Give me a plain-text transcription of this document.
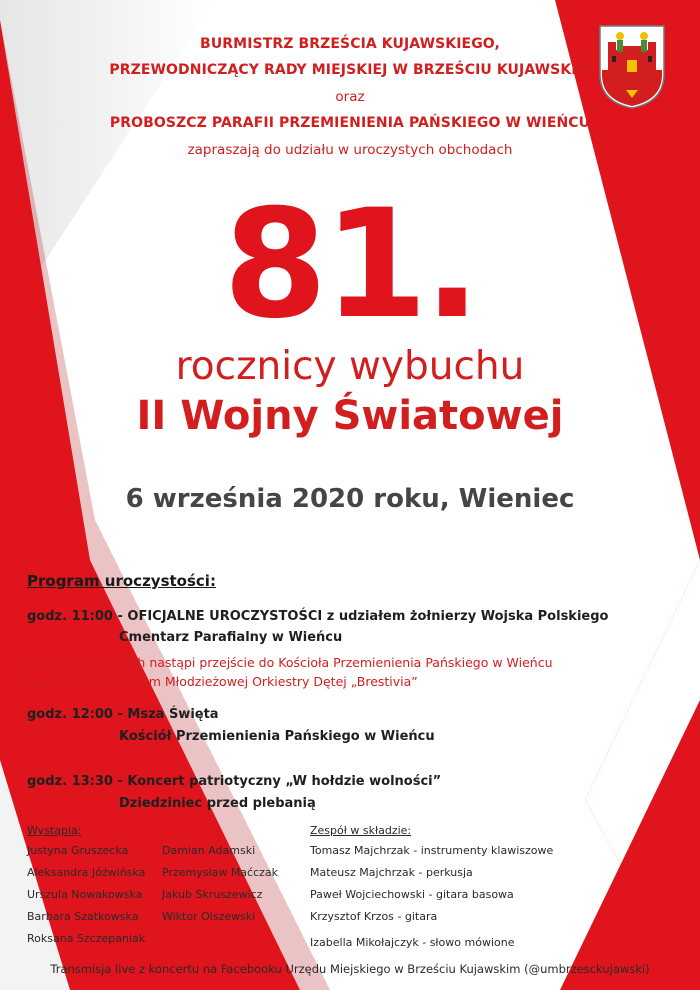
BURMISTRZ BRZEŚCIA KUJAWSKIEGO,
PRZEWODNICZĄCY RADY MIEJSKIEJ W BRZEŚCIU KUJAWSKIM
oraz
PROBOSZCZ PARAFII PRZEMIENIENIA PAŃSKIEGO W WIEŃCU
zapraszają do udziału w uroczystych obchodach
81.
rocznicy wybuchu
II Wojny Światowej
6 września 2020 roku, Wieniec
Program uroczystości:
godz. 11:00 - OFICJALNE UROCZYSTOŚCI z udziałem żołnierzy Wojska Polskiego
Cmentarz Parafialny w Wieńcu
Po uroczystościach nastąpi przejście do Kościoła Przemienienia Pańskiego w Wieńcu
pod przewodnictwem Młodzieżowej Orkiestry Dętej „Brestivia”
godz. 12:00 - Msza Święta
Kościół Przemienienia Pańskiego w Wieńcu
godz. 13:30 - Koncert patriotyczny „W hołdzie wolności”
Dziedziniec przed plebanią
Wystąpią:
Justyna Gruszecka
Aleksandra Jóźwińska
Urszula Nowakowska
Barbara Szatkowska
Roksana Szczepaniak
Damian Adamski
Przemysław Maćczak
Jakub Skruszewicz
Wiktor Olszewski
Zespół w składzie:
Tomasz Majchrzak - instrumenty klawiszowe
Mateusz Majchrzak - perkusja
Paweł Wojciechowski - gitara basowa
Krzysztof Krzos - gitara
Izabella Mikołajczyk - słowo mówione
Transmisja live z koncertu na Facebooku Urzędu Miejskiego w Brześciu Kujawskim (@umbrzesckujawski)
